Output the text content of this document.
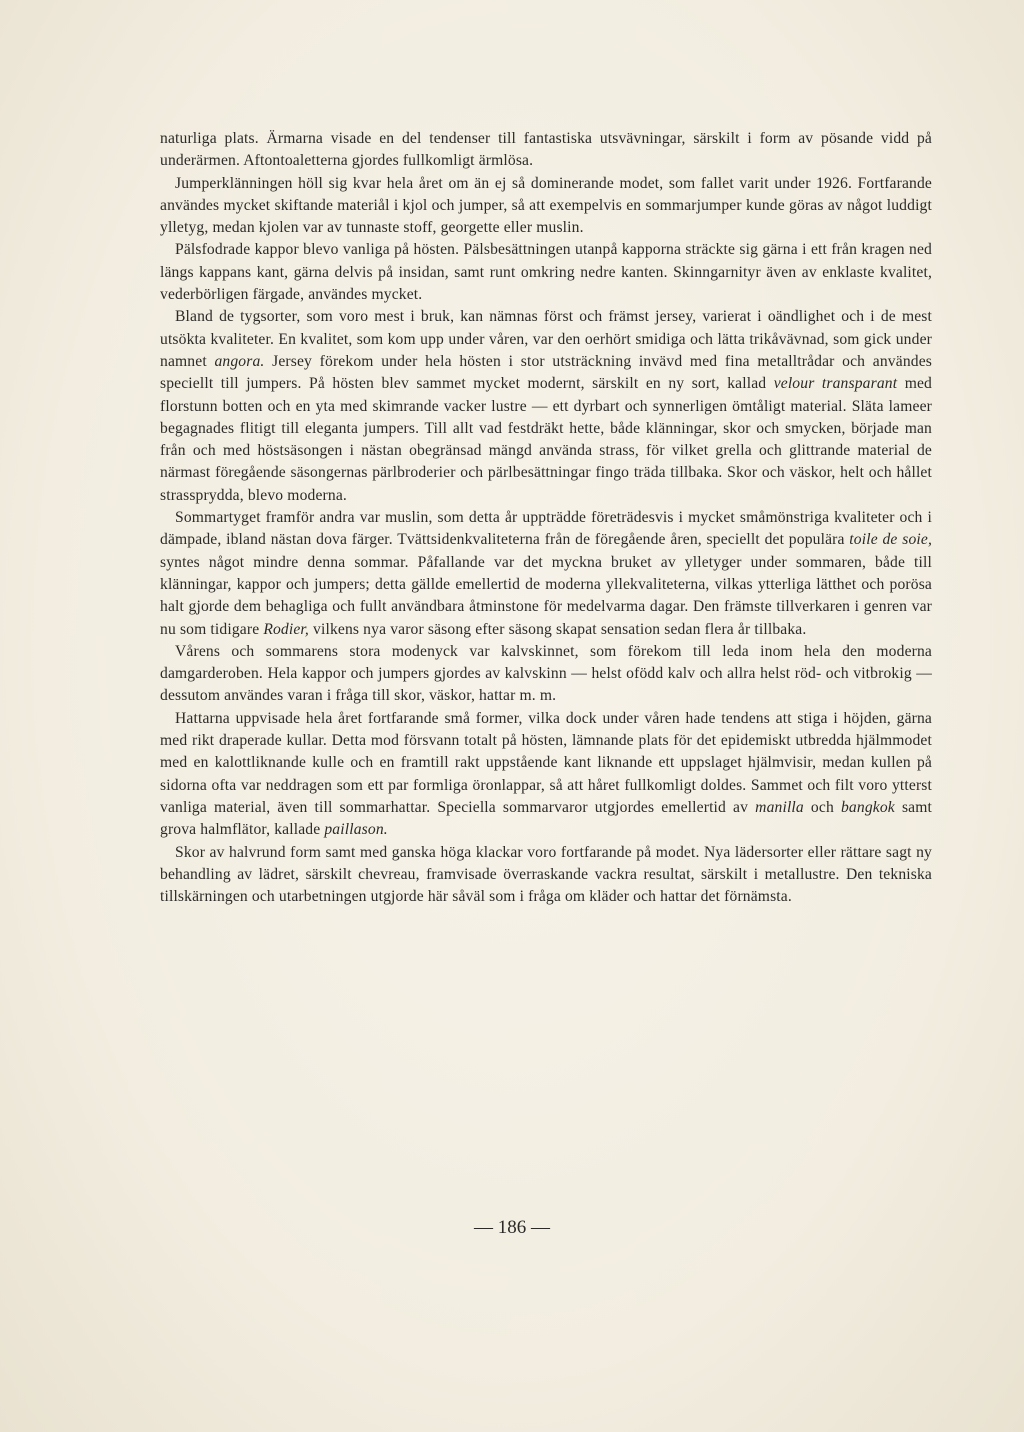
naturliga plats. Ärmarna visade en del tendenser till fantastiska utsvävningar, särskilt i form av pösande vidd på underärmen. Aftontoaletterna gjordes fullkomligt ärmlösa.

Jumperklänningen höll sig kvar hela året om än ej så dominerande modet, som fallet varit under 1926. Fortfarande användes mycket skiftande materiål i kjol och jumper, så att exempelvis en sommarjumper kunde göras av något luddigt ylletyg, medan kjolen var av tunnaste stoff, georgette eller muslin.

Pälsfodrade kappor blevo vanliga på hösten. Pälsbesättningen utanpå kapporna sträckte sig gärna i ett från kragen ned längs kappans kant, gärna delvis på insidan, samt runt omkring nedre kanten. Skinngarnityr även av enklaste kvalitet, vederbörligen färgade, användes mycket.

Bland de tygsorter, som voro mest i bruk, kan nämnas först och främst jersey, varierat i oändlighet och i de mest utsökta kvaliteter. En kvalitet, som kom upp under våren, var den oerhört smidiga och lätta trikåvävnad, som gick under namnet angora. Jersey förekom under hela hösten i stor utsträckning invävd med fina metalltrådar och användes speciellt till jumpers. På hösten blev sammet mycket modernt, särskilt en ny sort, kallad velour transparant med florstunn botten och en yta med skimrande vacker lustre — ett dyrbart och synnerligen ömtåligt material. Släta lameer begagnades flitigt till eleganta jumpers. Till allt vad festdräkt hette, både klänningar, skor och smycken, började man från och med höstsäsongen i nästan obegränsad mängd använda strass, för vilket grella och glittrande material de närmast föregående säsongernas pärlbroderier och pärlbesättningar fingo träda tillbaka. Skor och väskor, helt och hållet strassprydda, blevo moderna.

Sommartyget framför andra var muslin, som detta år uppträdde företrädesvis i mycket småmönstriga kvaliteter och i dämpade, ibland nästan dova färger. Tvättsidenkvaliteterna från de föregående åren, speciellt det populära toile de soie, syntes något mindre denna sommar. Påfallande var det myckna bruket av ylletyger under sommaren, både till klänningar, kappor och jumpers; detta gällde emellertid de moderna yllekvaliteterna, vilkas ytterliga lätthet och porösa halt gjorde dem behagliga och fullt användbara åtminstone för medelvarma dagar. Den främste tillverkaren i genren var nu som tidigare Rodier, vilkens nya varor säsong efter säsong skapat sensation sedan flera år tillbaka.

Vårens och sommarens stora modenyck var kalvskinnet, som förekom till leda inom hela den moderna damgarderoben. Hela kappor och jumpers gjordes av kalvskinn — helst ofödd kalv och allra helst röd- och vitbrokig — dessutom användes varan i fråga till skor, väskor, hattar m. m.

Hattarna uppvisade hela året fortfarande små former, vilka dock under våren hade tendens att stiga i höjden, gärna med rikt draperade kullar. Detta mod försvann totalt på hösten, lämnande plats för det epidemiskt utbredda hjälmmodet med en kalottliknande kulle och en framtill rakt uppstående kant liknande ett uppslaget hjälmvisir, medan kullen på sidorna ofta var neddragen som ett par formliga öronlappar, så att håret fullkomligt doldes. Sammet och filt voro ytterst vanliga material, även till sommarhattar. Speciella sommarvaror utgjordes emellertid av manilla och bangkok samt grova halmflätor, kallade paillason.

Skor av halvrund form samt med ganska höga klackar voro fortfarande på modet. Nya lädersorter eller rättare sagt ny behandling av lädret, särskilt chevreau, framvisade överraskande vackra resultat, särskilt i metallustre. Den tekniska tillskärningen och utarbetningen utgjorde här såväl som i fråga om kläder och hattar det förnämsta.

— 186 —
